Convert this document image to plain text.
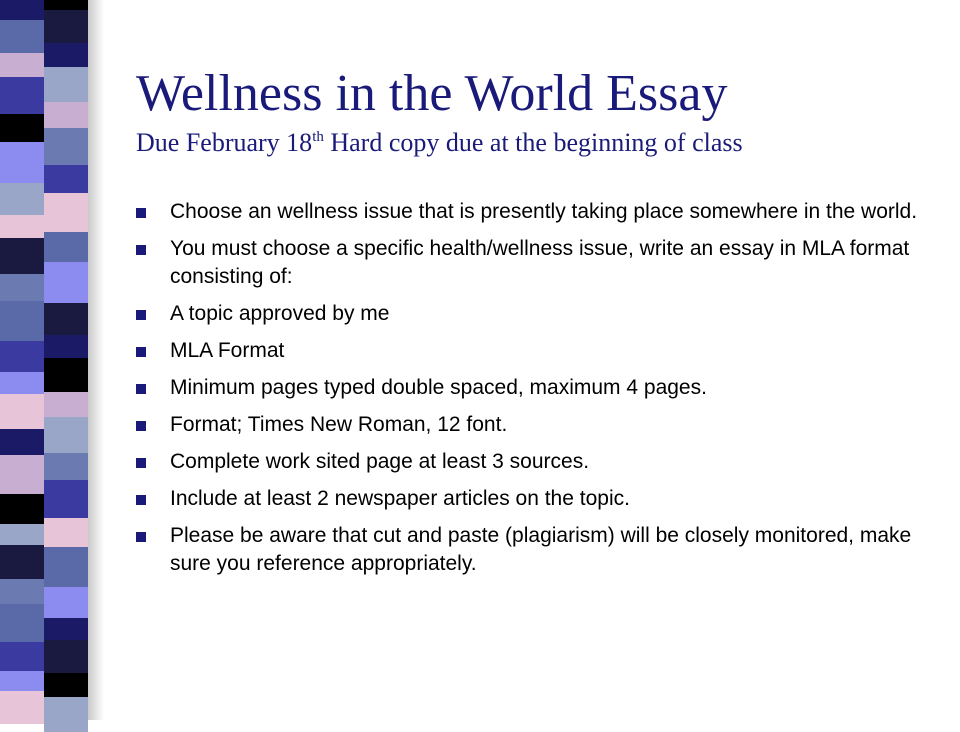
Wellness in the World Essay
Due February 18th Hard copy due at the beginning of class
Choose an wellness issue that is presently taking place somewhere in the world.
You must choose a specific health/wellness issue, write an essay in MLA format consisting of:
A topic approved by me
MLA Format
Minimum pages typed double spaced, maximum 4 pages.
Format; Times New Roman, 12 font.
Complete work sited page at least 3 sources.
Include at least 2 newspaper articles on the topic.
Please be aware that cut and paste (plagiarism) will be closely monitored, make sure you reference appropriately.
